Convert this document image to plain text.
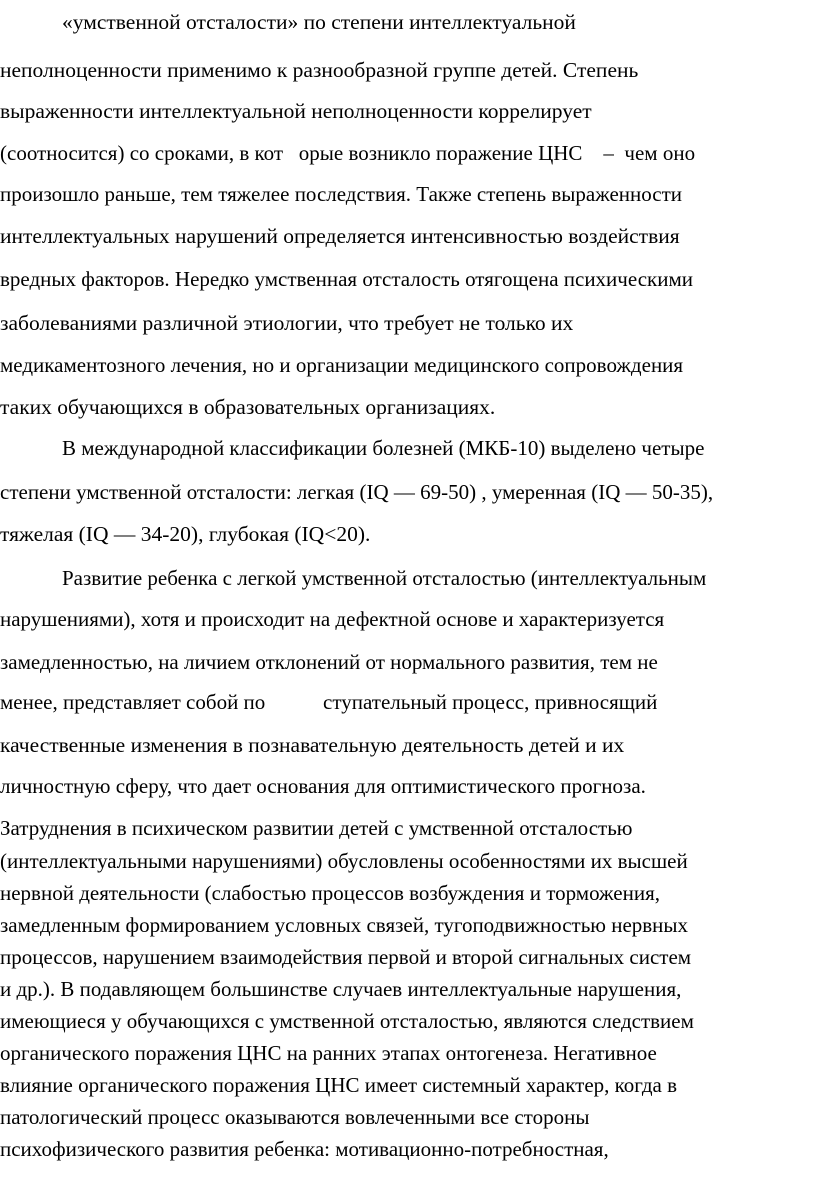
«умственной отсталости» по степени интеллектуальной
неполноценности применимо к разнообразной группе детей. Степень
выраженности интеллектуальной неполноценности коррелирует
(соотносится) со сроками, в кот   орые возникло поражение ЦНС    –  чем оно
произошло раньше, тем тяжелее последствия. Также степень выраженности
интеллектуальных нарушений определяется интенсивностью воздействия
вредных факторов. Нередко умственная отсталость отягощена психическими
заболеваниями различной этиологии, что требует не только их
медикаментозного лечения, но и организации медицинского сопровождения
таких обучающихся в образовательных организациях.
В международной классификации болезней (МКБ-10) выделено четыре
степени умственной отсталости: легкая (IQ — 69-50) , умеренная (IQ — 50-35),
тяжелая (IQ — 34-20), глубокая (IQ<20).
Развитие ребенка с легкой умственной отсталостью (интеллектуальным
нарушениями), хотя и происходит на дефектной основе и характеризуется
замедленностью, на личием отклонений от нормального развития, тем не
менее, представляет собой по           ступательный процесс, привносящий
качественные изменения в познавательную деятельность детей и их
личностную сферу, что дает основания для оптимистического прогноза.
Затруднения в психическом развитии детей с умственной отсталостью
(интеллектуальными нарушениями) обусловлены особенностями их высшей
нервной деятельности (слабостью процессов возбуждения и торможения,
замедленным формированием условных связей, тугоподвижностью нервных
процессов, нарушением взаимодействия первой и второй сигнальных систем
и др.). В подавляющем большинстве случаев интеллектуальные нарушения,
имеющиеся у обучающихся с умственной отсталостью, являются следствием
органического поражения ЦНС на ранних этапах онтогенеза. Негативное
влияние органического поражения ЦНС имеет системный характер, когда в
патологический процесс оказываются вовлеченными все стороны
психофизического развития ребенка: мотивационно-потребностная,
